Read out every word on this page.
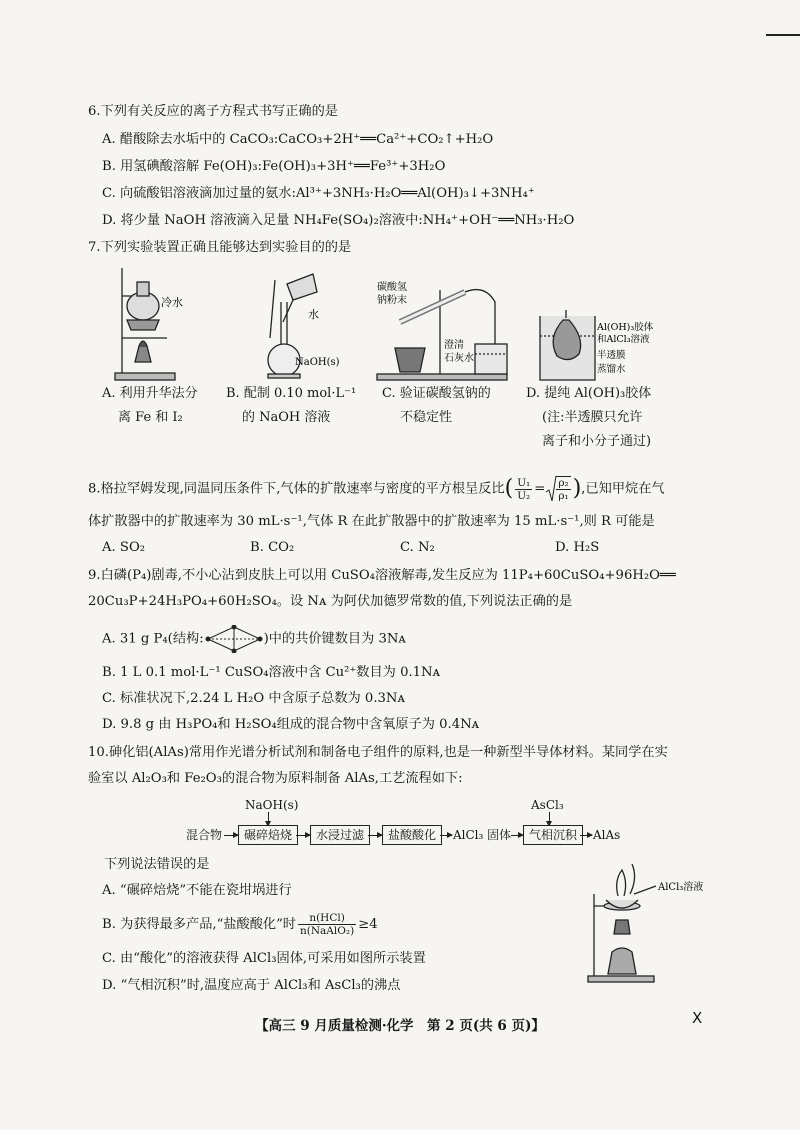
6.下列有关反应的离子方程式书写正确的是
A. 醋酸除去水垢中的 CaCO₃:CaCO₃+2H⁺══Ca²⁺+CO₂↑+H₂O
B. 用氢碘酸溶解 Fe(OH)₃:Fe(OH)₃+3H⁺══Fe³⁺+3H₂O
C. 向硫酸铝溶液滴加过量的氨水:Al³⁺+3NH₃·H₂O══Al(OH)₃↓+3NH₄⁺
D. 将少量 NaOH 溶液滴入足量 NH₄Fe(SO₄)₂溶液中:NH₄⁺+OH⁻══NH₃·H₂O
7.下列实验装置正确且能够达到实验目的的是
冷水
水
NaOH(s)
碳酸氢
钠粉末
澄清
石灰水
Al(OH)₃胶体
和AlCl₃溶液
半透膜
蒸馏水
A. 利用升华法分
离 Fe 和 I₂
B. 配制 0.10 mol·L⁻¹
的 NaOH 溶液
C. 验证碳酸氢钠的
不稳定性
D. 提纯 Al(OH)₃胶体
(注:半透膜只允许
离子和小分子通过)
8.格拉罕姆发现,同温同压条件下,气体的扩散速率与密度的平方根呈反比( $\frac{\text{U₁}}{\text{U₂}} = \frac{\text{ρ₂}}{\text{ρ₁}}$ ),已知甲烷在气
体扩散器中的扩散速率为 30 mL·s⁻¹,气体 R 在此扩散器中的扩散速率为 15 mL·s⁻¹,则 R 可能是
A. SO₂	B. CO₂	C. N₂	D. H₂S
9.白磷(P₄)剧毒,不小心沾到皮肤上可以用 CuSO₄溶液解毒,发生反应为 11P₄+60CuSO₄+96H₂O══
20Cu₃P+24H₃PO₄+60H₂SO₄。设 Nᴀ 为阿伏加德罗常数的值,下列说法正确的是
A. 31 g P₄(结构:	)中的共价键数目为 3Nᴀ
B. 1 L 0.1 mol·L⁻¹ CuSO₄溶液中含 Cu²⁺数目为 0.1Nᴀ
C. 标准状况下,2.24 L H₂O 中含原子总数为 0.3Nᴀ
D. 9.8 g 由 H₃PO₄和 H₂SO₄组成的混合物中含氧原子为 0.4Nᴀ
10.砷化铝(AlAs)常用作光谱分析试剂和制备电子组件的原料,也是一种新型半导体材料。某同学在实
验室以 Al₂O₃和 Fe₂O₃的混合物为原料制备 AlAs,工艺流程如下:
NaOH(s)	AsCl₃
混合物	碾碎焙烧	水浸过滤	盐酸酸化	AlCl₃ 固体	气相沉积	AlAs
下列说法错误的是
A. “碾碎焙烧”不能在瓷坩埚进行
B. 为获得最多产品,“盐酸酸化”时 $\frac{\text{n(HCl)}}{\text{n(NaAlO₂)}} \ge 4$
C. 由“酸化”的溶液获得 AlCl₃固体,可采用如图所示装置
D. “气相沉积”时,温度应高于 AlCl₃和 AsCl₃的沸点
AlCl₃溶液
【高三 9 月质量检测·化学　第 2 页(共 6 页)】	X
